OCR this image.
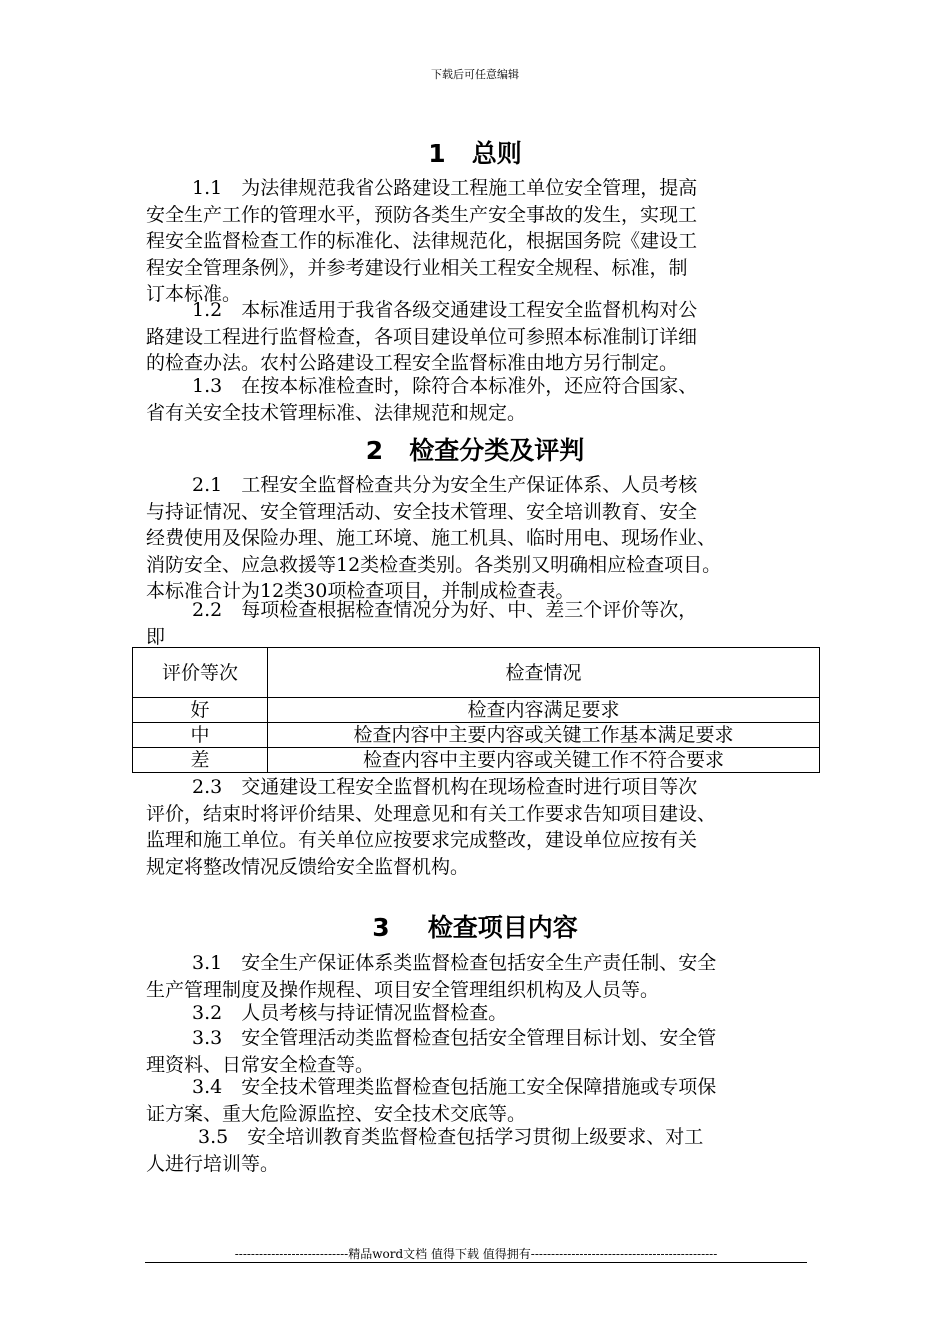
下载后可任意编辑
1 总则
1.1　为法律规范我省公路建设工程施工单位安全管理，提高
安全生产工作的管理水平，预防各类生产安全事故的发生，实现工
程安全监督检查工作的标准化、法律规范化，根据国务院《建设工
程安全管理条例》，并参考建设行业相关工程安全规程、标准，制
订本标准。
1.2　本标准适用于我省各级交通建设工程安全监督机构对公
路建设工程进行监督检查，各项目建设单位可参照本标准制订详细
的检查办法。农村公路建设工程安全监督标准由地方另行制定。
1.3　在按本标准检查时，除符合本标准外，还应符合国家、
省有关安全技术管理标准、法律规范和规定。
2 检查分类及评判
2.1　工程安全监督检查共分为安全生产保证体系、人员考核
与持证情况、安全管理活动、安全技术管理、安全培训教育、安全
经费使用及保险办理、施工环境、施工机具、临时用电、现场作业、
消防安全、应急救援等12类检查类别。各类别又明确相应检查项目。
本标准合计为12类30项检查项目，并制成检查表。
2.2　每项检查根据检查情况分为好、中、差三个评价等次，
即
评价等次	检查情况
好	检查内容满足要求
中	检查内容中主要内容或关键工作基本满足要求
差	检查内容中主要内容或关键工作不符合要求
2.3　交通建设工程安全监督机构在现场检查时进行项目等次
评价，结束时将评价结果、处理意见和有关工作要求告知项目建设、
监理和施工单位。有关单位应按要求完成整改，建设单位应按有关
规定将整改情况反馈给安全监督机构。
3 检查项目内容
3.1　安全生产保证体系类监督检查包括安全生产责任制、安全
生产管理制度及操作规程、项目安全管理组织机构及人员等。
3.2　人员考核与持证情况监督检查。
3.3　安全管理活动类监督检查包括安全管理目标计划、安全管
理资料、日常安全检查等。
3.4　安全技术管理类监督检查包括施工安全保障措施或专项保
证方案、重大危险源监控、安全技术交底等。
3.5　安全培训教育类监督检查包括学习贯彻上级要求、对工
人进行培训等。
----------------------------精品word文档 值得下载 值得拥有----------------------------------------------
